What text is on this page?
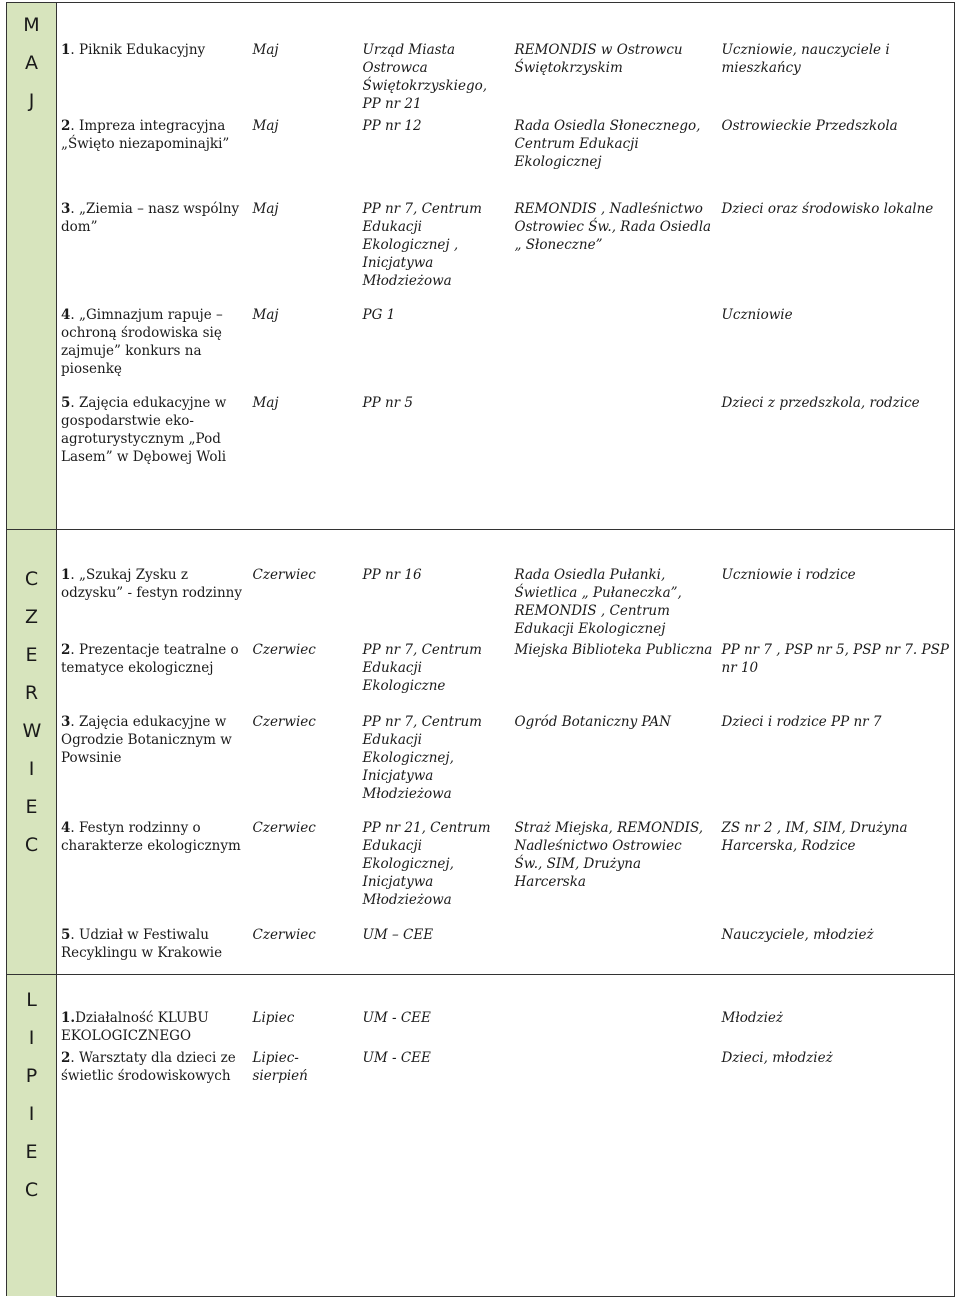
M A J	1. Piknik Edukacyjny	Maj	Urząd Miasta Ostrowca Świętokrzyskiego, PP nr 21	REMONDIS w Ostrowcu Świętokrzyskim	Uczniowie, nauczyciele i mieszkańcy
	2. Impreza integracyjna „Święto niezapominajki”	Maj	PP nr 12	Rada Osiedla Słonecznego, Centrum Edukacji Ekologicznej	Ostrowieckie Przedszkola
	3. „Ziemia – nasz wspólny dom”	Maj	PP nr 7, Centrum Edukacji Ekologicznej , Inicjatywa Młodzieżowa	REMONDIS , Nadleśnictwo Ostrowiec Św., Rada Osiedla „ Słoneczne”	Dzieci oraz środowisko lokalne
	4. „Gimnazjum rapuje – ochroną środowiska się zajmuje” konkurs na piosenkę	Maj	PG 1		Uczniowie
	5. Zajęcia edukacyjne w gospodarstwie eko-agroturystycznym „Pod Lasem” w Dębowej Woli	Maj	PP nr 5		Dzieci z przedszkola, rodzice

C Z E R W I E C	1. „Szukaj Zysku z odzysku” - festyn rodzinny	Czerwiec	PP nr 16	Rada Osiedla Pułanki, Świetlica „ Pułaneczka”, REMONDIS , Centrum Edukacji Ekologicznej	Uczniowie i rodzice
	2. Prezentacje teatralne o tematyce ekologicznej	Czerwiec	PP nr 7, Centrum Edukacji Ekologiczne	Miejska Biblioteka Publiczna	PP nr 7 , PSP nr 5, PSP nr 7. PSP nr 10
	3. Zajęcia edukacyjne w Ogrodzie Botanicznym w Powsinie	Czerwiec	PP nr 7, Centrum Edukacji Ekologicznej, Inicjatywa Młodzieżowa	Ogród Botaniczny PAN	Dzieci i rodzice PP nr 7
	4. Festyn rodzinny o charakterze ekologicznym	Czerwiec	PP nr 21, Centrum Edukacji Ekologicznej, Inicjatywa Młodzieżowa	Straż Miejska, REMONDIS, Nadleśnictwo Ostrowiec Św., SIM, Drużyna Harcerska	ZS nr 2 , IM, SIM, Drużyna Harcerska, Rodzice
	5. Udział w Festiwalu Recyklingu w Krakowie	Czerwiec	UM – CEE		Nauczyciele, młodzież

L I P I E C	1.Działalność KLUBU EKOLOGICZNEGO	Lipiec	UM - CEE		Młodzież
	2. Warsztaty dla dzieci ze świetlic środowiskowych	Lipiec- sierpień	UM - CEE		Dzieci, młodzież
